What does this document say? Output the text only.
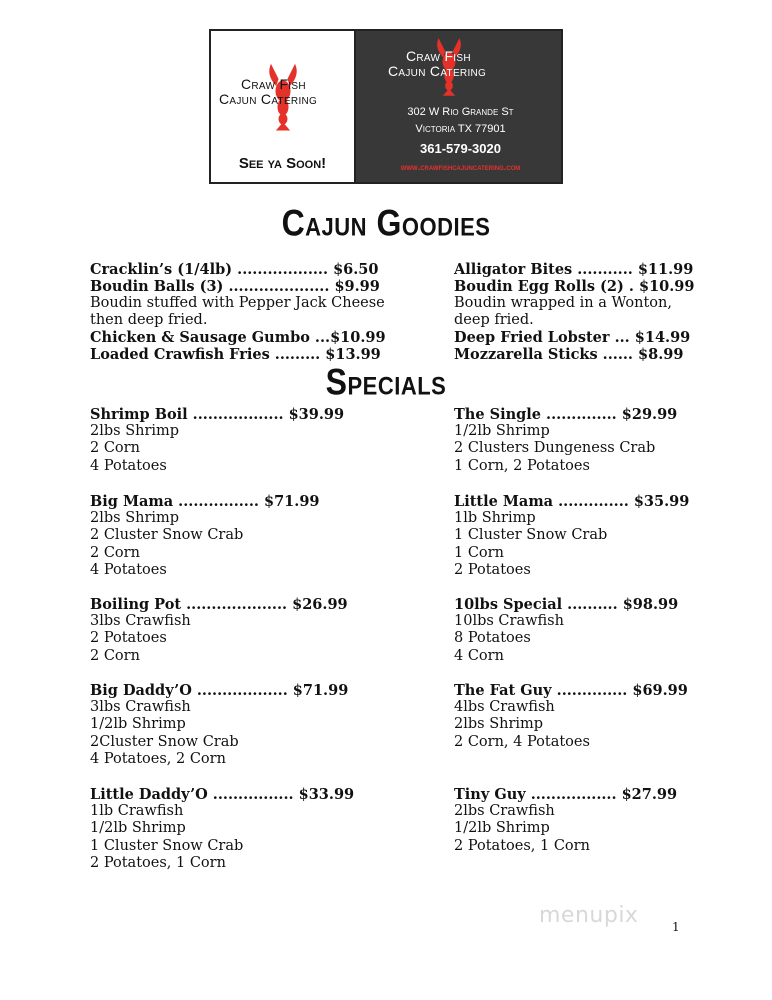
Craw Fish
Cajun Catering
See ya Soon!
Craw Fish
Cajun Catering
302 W Rio Grande St
Victoria TX 77901
361-579-3020
www.crawfishcajuncatering.com
Cajun Goodies
Cracklin’s (1/4lb) .................. $6.50
Boudin Balls (3) .................... $9.99
Boudin stuffed with Pepper Jack Cheese
then deep fried.
Chicken & Sausage Gumbo ...$10.99
Loaded Crawfish Fries ......... $13.99
Alligator Bites ........... $11.99
Boudin Egg Rolls (2) . $10.99
Boudin wrapped in a Wonton,
deep fried.
Deep Fried Lobster ... $14.99
Mozzarella Sticks ...... $8.99
Specials
Shrimp Boil .................. $39.99
2lbs Shrimp
2 Corn
4 Potatoes
Big Mama ................ $71.99
2lbs Shrimp
2 Cluster Snow Crab
2 Corn
4 Potatoes
Boiling Pot .................... $26.99
3lbs Crawfish
2 Potatoes
2 Corn
Big Daddy’O .................. $71.99
3lbs Crawfish
1/2lb Shrimp
2Cluster Snow Crab
4 Potatoes, 2 Corn
Little Daddy’O ................ $33.99
1lb Crawfish
1/2lb Shrimp
1 Cluster Snow Crab
2 Potatoes, 1 Corn
The Single .............. $29.99
1/2lb Shrimp
2 Clusters Dungeness Crab
1 Corn, 2 Potatoes
Little Mama .............. $35.99
1lb Shrimp
1 Cluster Snow Crab
1 Corn
2 Potatoes
10lbs Special .......... $98.99
10lbs Crawfish
8 Potatoes
4 Corn
The Fat Guy .............. $69.99
4lbs Crawfish
2lbs Shrimp
2 Corn, 4 Potatoes
Tiny Guy ................. $27.99
2lbs Crawfish
1/2lb Shrimp
2 Potatoes, 1 Corn
menupix	1
